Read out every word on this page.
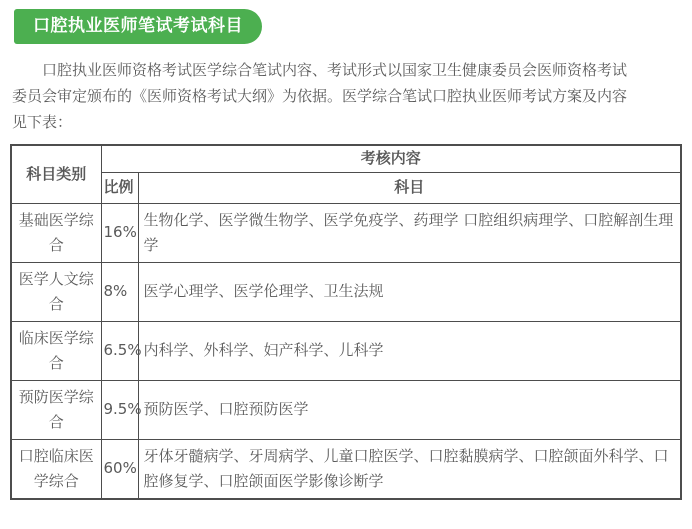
口腔执业医师笔试考试科目
口腔执业医师资格考试医学综合笔试内容、考试形式以国家卫生健康委员会医师资格考试
委员会审定颁布的《医师资格考试大纲》为依据。医学综合笔试口腔执业医师考试方案及内容
见下表：
科目类别	考核内容	
	比例	科目
基础医学综合	16%	生物化学、医学微生物学、医学免疫学、药理学 口腔组织病理学、口腔解剖生理学
医学人文综合	8%	医学心理学、医学伦理学、卫生法规
临床医学综合	6.5%	内科学、外科学、妇产科学、儿科学
预防医学综合	9.5%	预防医学、口腔预防医学
口腔临床医学综合	60%	牙体牙髓病学、牙周病学、儿童口腔医学、口腔黏膜病学、口腔颌面外科学、口腔修复学、口腔颌面医学影像诊断学
